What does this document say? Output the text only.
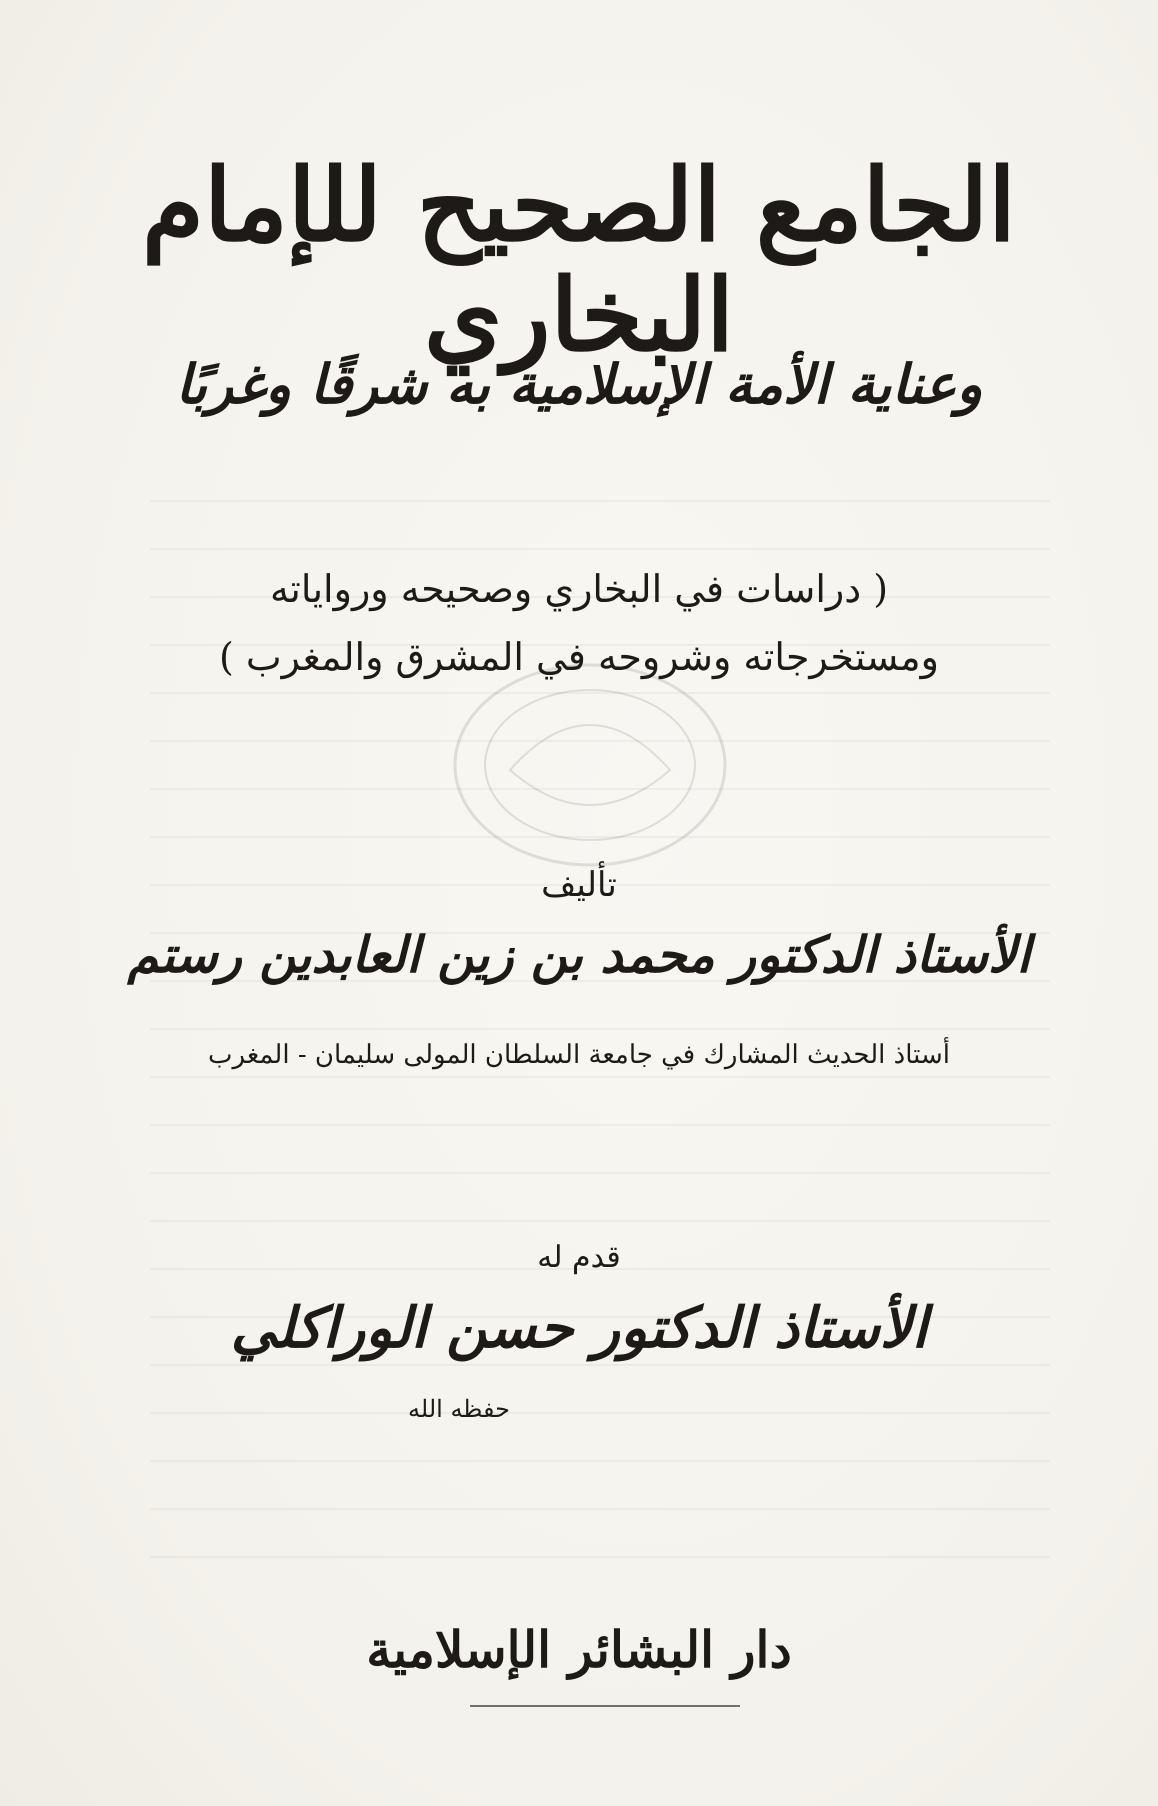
الجامع الصحيح للإمام البخاري
وعناية الأمة الإسلامية به شرقًا وغربًا
( دراسات في البخاري وصحيحه ورواياته
ومستخرجاته وشروحه في المشرق والمغرب )
تأليف
الأستاذ الدكتور محمد بن زين العابدين رستم
أستاذ الحديث المشارك في جامعة السلطان المولى سليمان - المغرب
قدم له
الأستاذ الدكتور حسن الوراكلي
حفظه الله
دار البشائر الإسلامية
